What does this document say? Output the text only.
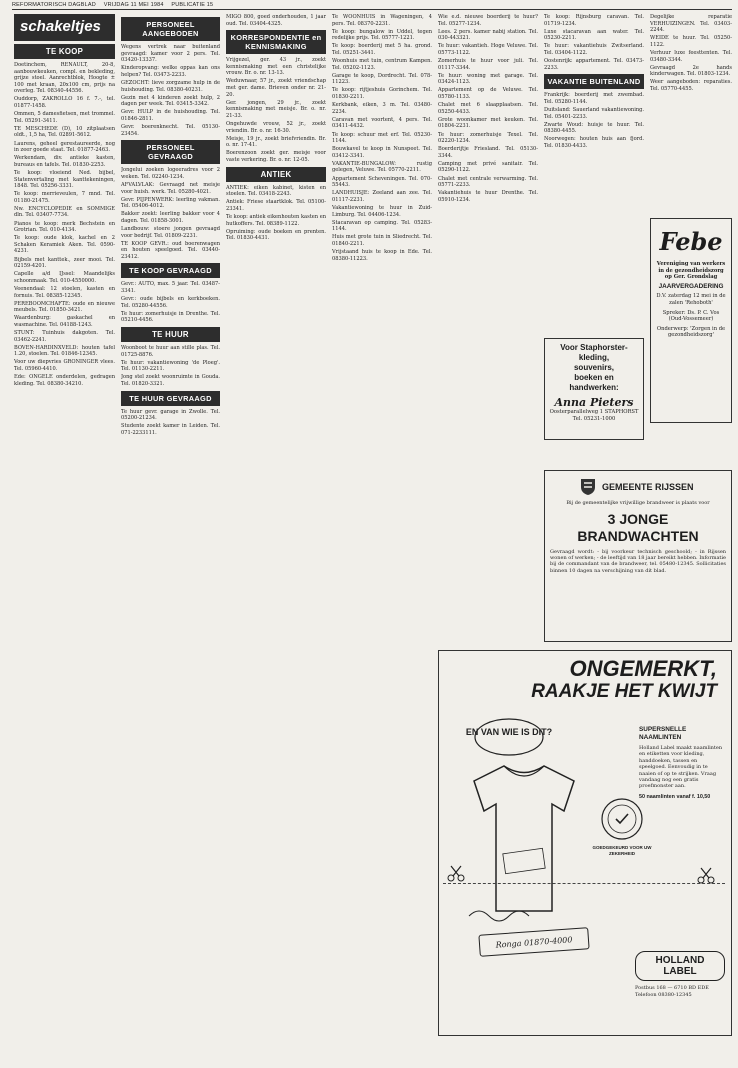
REFORMATORISCH DAGBLAD VRIJDAG 11 MEI 1984 PUBLICATIE 15
schakeltjes
TE KOOP
Doetinchem, RENAULT, 20-8, aanbouwkeuken, compl. en bekleding, grijze stoel. Aanrechtblok, Hoogte ± 100 met kraan, 20x100 cm, prijs na overleg. Tel. 08340-44556.
Ouddorp, ZAKROLLO 16 f. 7.-, tel. 01877-1458.
Ommen, 5 damesfietsen, met trommel. Tel. 05291-3411.
TE MESCHEDE (D), 10 zitplaatsen oldt., 1,5 ha, Tel. 02891-5612.
Laurens, geheel gerestaureerde, nog in zeer goede staat. Tel. 01877-2463.
Werkendam, div. antieke kasten, bureaus en tafels. Tel. 01830-2253.
Te koop: vloeiend Ned. bijbel, Statenvertaling met kanttekeningen, 1848. Tel. 05256-3331.
Te koop: merrieveulen, 7 mnd. Tel. 01180-21475.
Nw. ENCYCLOPEDIE en SOMMIGE dln. Tel. 03407-7734.
Pianos te koop: merk Bechstein en Grotrian. Tel. 010-4134.
Te koop: oude klok, kachel en 2 Schaken Keramiek Aken. Tel. 0590-4231.
Bijbels met kanttek., zeer mooi. Tel. 02159-4201.
Capelle a/d IJssel: Maandelijks schoonmaak. Tel. 010-4550000.
Veenendaal: 12 stoelen, kasten en fornuis. Tel. 08385-12345.
PEREBOOMCHAFTE: oude en nieuwe meubels. Tel. 01850-3421.
Waardenburg: gaskachel en wasmachine. Tel. 04188-1243.
STUNT: Tuinhuis dakgoten. Tel. 03462-2241.
BOVEN-HARDINXVELD: houten tafel 1.20, stoelen. Tel. 01846-12345.
Voor uw diepvries GRONINGER vlees. Tel. 05960-4410.
Ede: ONGELE onderdelen, gedragen kleding. Tel. 08380-34210.
PERSONEEL AANGEBODEN
Wegens vertrek naar buitenland gevraagd: kamer voor 2 pers. Tel. 03420-13337.
Kinderopvang: welke oppas kan ons helpen? Tel. 03473-2233.
GEZOCHT: lieve zorgzame hulp in de huishouding. Tel. 08380-40231.
Gezin met 4 kinderen zoekt hulp, 2 dagen per week. Tel. 03415-3342.
Gevr. HULP in de huishouding. Tel. 01846-2811.
Gevr. boerenknecht. Tel. 05130-23454.
PERSONEEL GEVRAAGD
Jongelui zoeken logeeradres voor 2 weken. Tel. 02240-1234.
AFVALVLAK: Gevraagd net meisje voor huish. werk. Tel. 05280-4021.
Gevr. PIJPENWERK: leerling vakman. Tel. 05406-4012.
Bakker zoekt: leerling bakker voor 4 dagen. Tel. 01858-3001.
Landbouw: stoere jongen gevraagd voor bedrijf. Tel. 01809-2231.
TE KOOP GEVR.: oud boerenwagen en houten speelgoed. Tel. 03440-23412.
TE KOOP GEVRAAGD
Gevr.: AUTO, max. 5 jaar. Tel. 03487-3341.
Gevr.: oude bijbels en kerkboeken. Tel. 05280-44556.
Te huur: zomerhuisje in Drenthe. Tel. 05210-4456.
TE HUUR
Woonboot te huur aan stille plas. Tel. 01725-8876.
Te huur: vakantiewoning 'de Ploeg'. Tel. 01130-2211.
Jong stel zoekt woonruimte in Gouda. Tel. 01820-3321.
TE HUUR GEVRAAGD
Te huur gevr. garage in Zwolle. Tel. 05200-21234.
Studente zoekt kamer in Leiden. Tel. 071-2233111.
MIGO 800, goed onderhouden, 1 jaar oud. Tel. 03404-4325.
KORRESPONDENTIE en KENNISMAKING
Vrijgezel, ger. 43 jr., zoekt kennismaking met een christelijke vrouw. Br. o. nr. 13-13.
Weduwnaar, 57 jr., zoekt vriendschap met ger. dame. Brieven onder nr. 21-20.
Ger. jongen, 29 jr., zoekt kennismaking met meisje. Br. o. nr. 21-33.
Ongehuwde vrouw, 52 jr., zoekt vriendin. Br. o. nr. 16-30.
Meisje, 19 jr., zoekt briefvriendin. Br. o. nr. 17-41.
Boerenzoon zoekt ger. meisje voor vaste verkering. Br. o. nr. 12-05.
ANTIEK
ANTIEK: eiken kabinet, kisten en stoelen. Tel. 03418-2243.
Antiek: Friese staartklok. Tel. 05100-23341.
Te koop: antiek eikenhouten kasten en hutkoffers. Tel. 08389-1122.
Opruiming: oude boeken en prenten. Tel. 01830-4431.
Te WOONHUIS in Wageningen, 4 pers. Tel. 08370-2231.
Te koop: bungalow in Uddel, tegen redelijke prijs. Tel. 05777-1221.
Te koop: boerderij met 5 ha. grond. Tel. 05251-3441.
Woonhuis met tuin, centrum Kampen. Tel. 05202-1123.
Garage te koop, Dordrecht. Tel. 078-11223.
Te koop: rijtjeshuis Gorinchem. Tel. 01830-2211.
Kerkbank, eiken, 3 m. Tel. 03480-2234.
Caravan met voortent, 4 pers. Tel. 03411-4432.
Te koop: schuur met erf. Tel. 05230-1144.
Bouwkavel te koop in Nunspeet. Tel. 03412-3341.
VAKANTIE-BUNGALOW: rustig gelegen, Veluwe. Tel. 05770-2211.
Appartement Scheveningen. Tel. 070-55443.
LANDHUISJE: Zeeland aan zee. Tel. 01117-2231.
Vakantiewoning te huur in Zuid-Limburg. Tel. 04406-1234.
Stacaravan op camping. Tel. 05283-1144.
Huis met grote tuin in Sliedrecht. Tel. 01840-2211.
Vrijstaand huis te koop in Ede. Tel. 08380-11223.
Wie e.d. nieuwe boerderij te huur? Tel. 05277-1234.
Lees. 2 pers. kamer nabij station. Tel. 030-443321.
Te huur: vakantieh. Hoge Veluwe. Tel. 05773-1122.
Zomerhuis te huur voor juli. Tel. 01117-3344.
Te huur: woning met garage. Tel. 03424-1123.
Appartement op de Veluwe. Tel. 05780-1133.
Chalet met 6 slaapplaatsen. Tel. 05250-4433.
Grote woonkamer met keuken. Tel. 01804-2231.
Te huur: zomerhuisje Texel. Tel. 02220-1234.
Boerderijtje Friesland. Tel. 05130-3344.
Camping met privé sanitair. Tel. 05290-1122.
Chalet met centrale verwarming. Tel. 05771-2233.
Vakantiehuis te huur Drenthe. Tel. 05910-1234.
Te koop: Rijnsburg caravan. Tel. 01719-1234.
Luxe stacaravan aan water. Tel. 05230-2211.
Te huur: vakantiehuis Zwitserland. Tel. 03404-1122.
Oostenrijk: appartement. Tel. 03473-2233.
VAKANTIE BUITENLAND
Frankrijk: boerderij met zwembad. Tel. 05280-1144.
Duitsland: Sauerland vakantiewoning. Tel. 05401-2233.
Zwarte Woud: huisje te huur. Tel. 08380-4455.
Noorwegen: houten huis aan fjord. Tel. 01830-4433.
Degelijke reparatie VERHUIZINGEN. Tel. 03403-2244.
WEIDE te huur. Tel. 05250-1122.
Verhuur luxe feesttenten. Tel. 03480-3344.
Gevraagd 2e hands kinderwagen. Tel. 01803-1234.
Weer aangeboden: reparaties. Tel. 05770-4455.
Febe
Vereniging van werkers in de gezondheidszorg op Ger. Grondslag
JAARVERGADERING
D.V. zaterdag 12 mei in de zalen 'Rehoboth'
Spreker: Ds. P. C. Vos (Oud-Vossemeer)
Onderwerp: 'Zorgen in de gezondheidszorg'
Voor Staphorster-
kleding,
souvenirs,
boeken en
handwerken:
Anna Pieters
Oosterparallelweg 1 STAPHORST
Tel. 05231-1000
GEMEENTE RIJSSEN
Bij de gemeentelijke vrijwillige brandweer is plaats voor
3 JONGE BRANDWACHTEN
Gevraagd wordt: - bij voorkeur technisch geschoold; - in Rijssen wonen of werken; - de leeftijd van 18 jaar bereikt hebben. Informatie bij de commandant van de brandweer, tel. 05480-12345. Sollicitaties binnen 10 dagen na verschijning van dit blad.
ONGEMERKT,
RAAKJE HET KWIJT
EN VAN WIE IS DIT?
GOEDGEKEURD VOOR UW ZEKERHEID
SUPERSNELLE NAAMLINTEN
Holland Label maakt naamlinten en etiketten voor kleding, handdoeken, tassen en speelgoed. Eenvoudig in te naaien of op te strijken. Vraag vandaag nog een gratis proefmonster aan.
50 naamlinten vanaf f. 10,50
Ronga 01870-4000
HOLLAND LABEL
Postbus 168 — 6710 BD EDE
Telefoon 08380-12345
